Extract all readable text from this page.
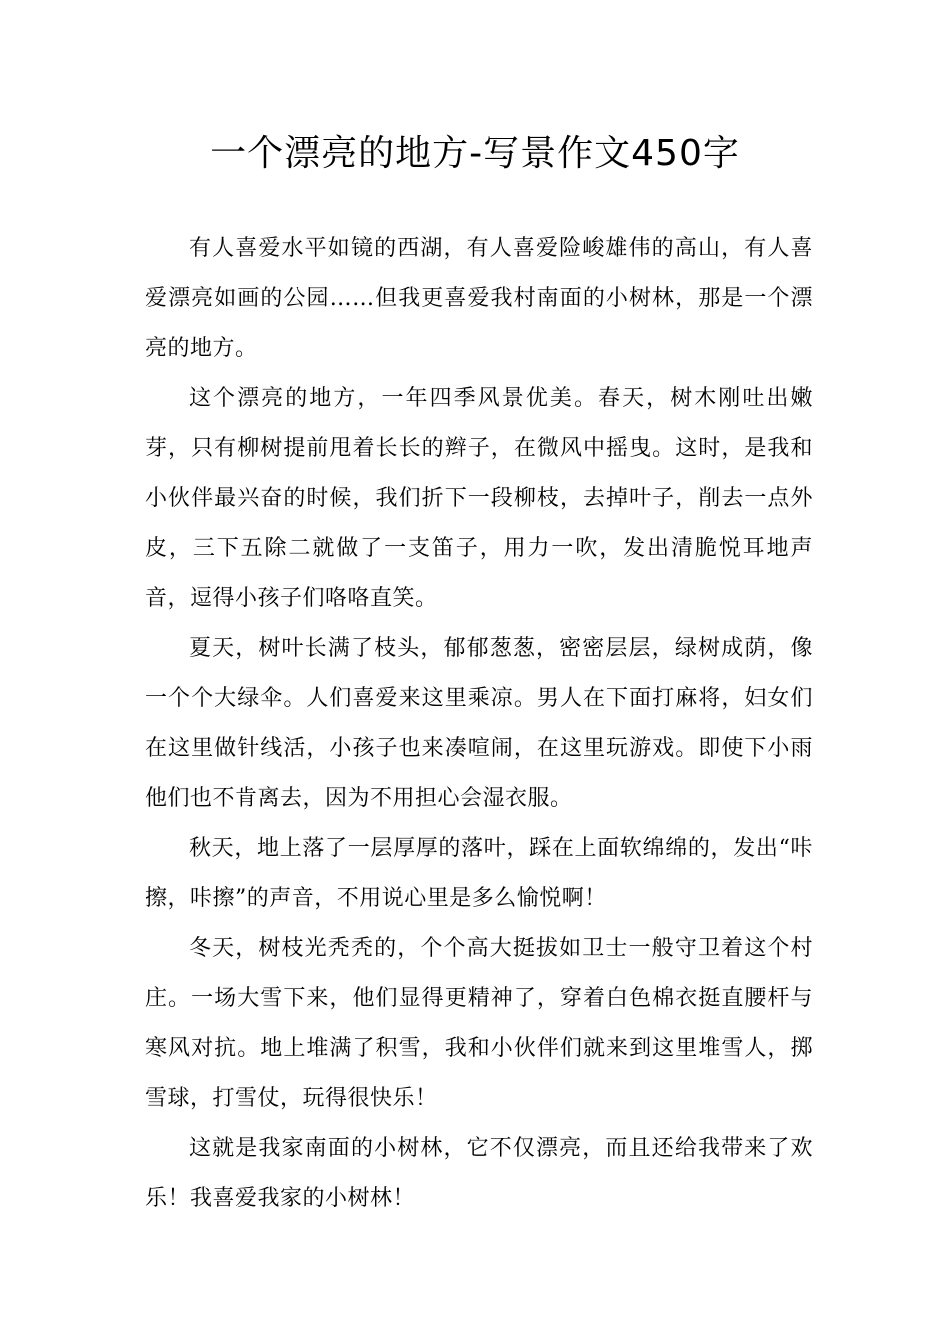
一个漂亮的地方-写景作文450字

有人喜爱水平如镜的西湖，有人喜爱险峻雄伟的高山，有人喜爱漂亮如画的公园……但我更喜爱我村南面的小树林，那是一个漂亮的地方。

这个漂亮的地方，一年四季风景优美。春天，树木刚吐出嫩芽，只有柳树提前甩着长长的辫子，在微风中摇曳。这时，是我和小伙伴最兴奋的时候，我们折下一段柳枝，去掉叶子，削去一点外皮，三下五除二就做了一支笛子，用力一吹，发出清脆悦耳地声音，逗得小孩子们咯咯直笑。

夏天，树叶长满了枝头，郁郁葱葱，密密层层，绿树成荫，像一个个大绿伞。人们喜爱来这里乘凉。男人在下面打麻将，妇女们在这里做针线活，小孩子也来凑喧闹，在这里玩游戏。即使下小雨他们也不肯离去，因为不用担心会湿衣服。

秋天，地上落了一层厚厚的落叶，踩在上面软绵绵的，发出“咔擦，咔擦”的声音，不用说心里是多么愉悦啊！

冬天，树枝光秃秃的，个个高大挺拔如卫士一般守卫着这个村庄。一场大雪下来，他们显得更精神了，穿着白色棉衣挺直腰杆与寒风对抗。地上堆满了积雪，我和小伙伴们就来到这里堆雪人，掷雪球，打雪仗，玩得很快乐！

这就是我家南面的小树林，它不仅漂亮，而且还给我带来了欢乐！我喜爱我家的小树林！
